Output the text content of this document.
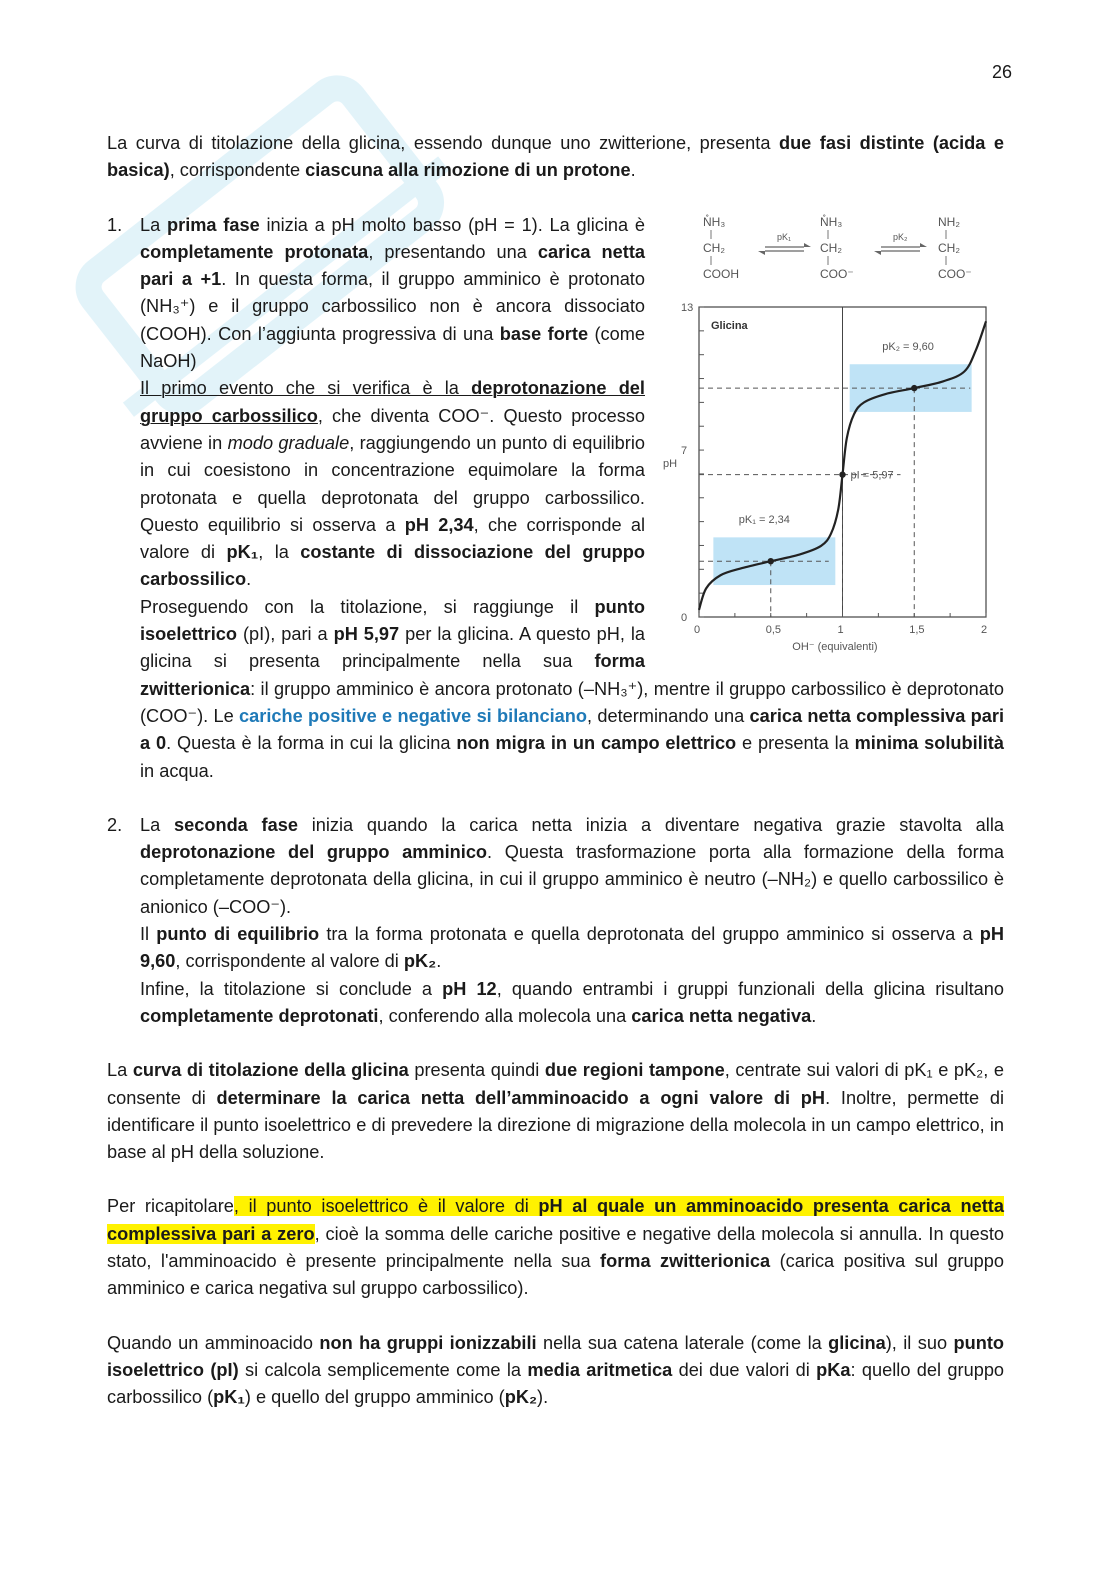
26

La curva di titolazione della glicina, essendo dunque uno zwitterione, presenta due fasi distinte (acida e basica), corrispondente ciascuna alla rimozione di un protone.

1.	N̊H₃
CH₂
COOH
pK₁
N̊H₃
CH₂
COO⁻
pK₂
NH₂
CH₂
COO⁻
0
7
13
0	0,5	1	1,5	2
pH
OH⁻ (equivalenti)
Glicina
pK₁ = 2,34
pI = 5,97
pK₂ = 9,60

La prima fase inizia a pH molto basso (pH = 1). La glicina è completamente protonata, presentando una carica netta pari a +1. In questa forma, il gruppo amminico è protonato (NH₃⁺) e il gruppo carbossilico non è ancora dissociato (COOH). Con l’aggiunta progressiva di una base forte (come NaOH)

Il primo evento che si verifica è la deprotonazione del gruppo carbossilico, che diventa COO⁻. Questo processo avviene in modo graduale, raggiungendo un punto di equilibrio in cui coesistono in concentrazione equimolare la forma protonata e quella deprotonata del gruppo carbossilico. Questo equilibrio si osserva a pH 2,34, che corrisponde al valore di pK₁, la costante di dissociazione del gruppo carbossilico.

Proseguendo con la titolazione, si raggiunge il punto isoelettrico (pI), pari a pH 5,97 per la glicina. A questo pH, la glicina si presenta principalmente nella sua forma zwitterionica: il gruppo amminico è ancora protonato (–NH₃⁺), mentre il gruppo carbossilico è deprotonato (COO⁻). Le cariche positive e negative si bilanciano, determinando una carica netta complessiva pari a 0. Questa è la forma in cui la glicina non migra in un campo elettrico e presenta la minima solubilità in acqua.

2. La seconda fase inizia quando la carica netta inizia a diventare negativa grazie stavolta alla deprotonazione del gruppo amminico. Questa trasformazione porta alla formazione della forma completamente deprotonata della glicina, in cui il gruppo amminico è neutro (–NH₂) e quello carbossilico è anionico (–COO⁻).

Il punto di equilibrio tra la forma protonata e quella deprotonata del gruppo amminico si osserva a pH 9,60, corrispondente al valore di pK₂.

Infine, la titolazione si conclude a pH 12, quando entrambi i gruppi funzionali della glicina risultano completamente deprotonati, conferendo alla molecola una carica netta negativa.

La curva di titolazione della glicina presenta quindi due regioni tampone, centrate sui valori di pK₁ e pK₂, e consente di determinare la carica netta dell’amminoacido a ogni valore di pH. Inoltre, permette di identificare il punto isoelettrico e di prevedere la direzione di migrazione della molecola in un campo elettrico, in base al pH della soluzione.

Per ricapitolare, il punto isoelettrico è il valore di pH al quale un amminoacido presenta carica netta complessiva pari a zero, cioè la somma delle cariche positive e negative della molecola si annulla. In questo stato, l'amminoacido è presente principalmente nella sua forma zwitterionica (carica positiva sul gruppo amminico e carica negativa sul gruppo carbossilico).

Quando un amminoacido non ha gruppi ionizzabili nella sua catena laterale (come la glicina), il suo punto isoelettrico (pI) si calcola semplicemente come la media aritmetica dei due valori di pKa: quello del gruppo carbossilico (pK₁) e quello del gruppo amminico (pK₂).
